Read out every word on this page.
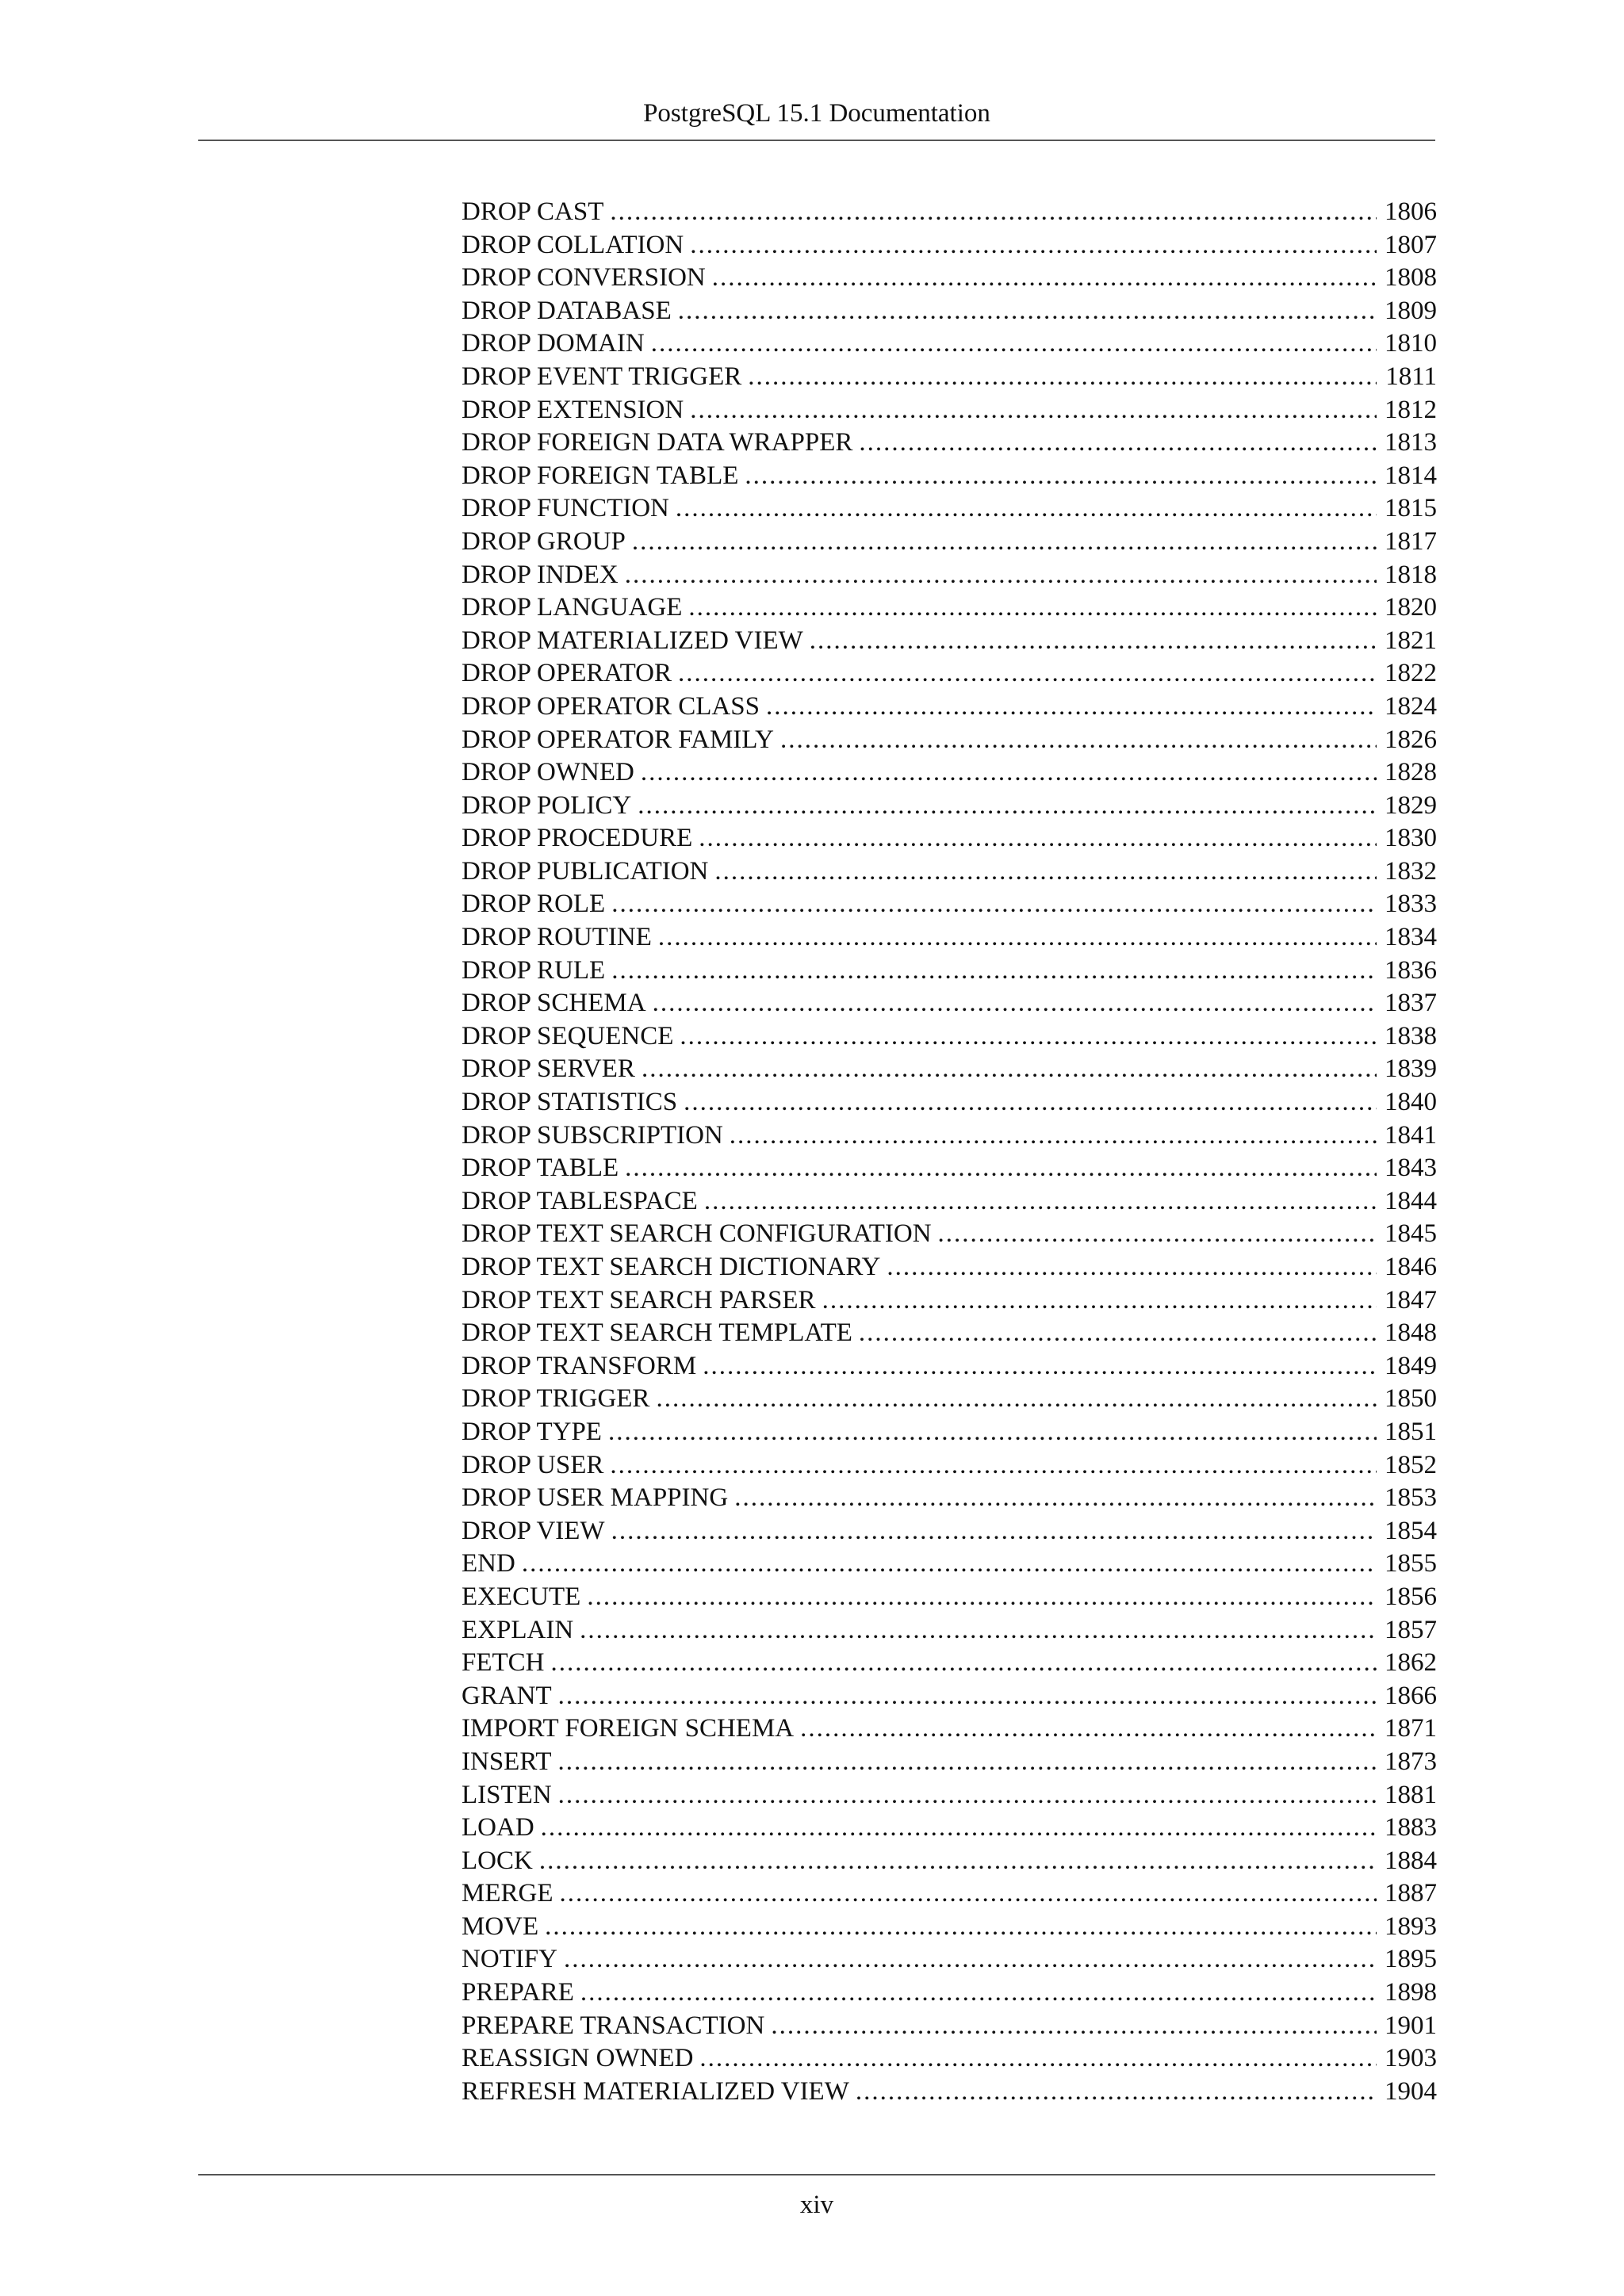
PostgreSQL 15.1 Documentation
DROP CAST .....	1806
DROP COLLATION .....	1807
DROP CONVERSION .....	1808
DROP DATABASE .....	1809
DROP DOMAIN .....	1810
DROP EVENT TRIGGER .....	1811
DROP EXTENSION .....	1812
DROP FOREIGN DATA WRAPPER .....	1813
DROP FOREIGN TABLE .....	1814
DROP FUNCTION .....	1815
DROP GROUP .....	1817
DROP INDEX .....	1818
DROP LANGUAGE .....	1820
DROP MATERIALIZED VIEW .....	1821
DROP OPERATOR .....	1822
DROP OPERATOR CLASS .....	1824
DROP OPERATOR FAMILY .....	1826
DROP OWNED .....	1828
DROP POLICY .....	1829
DROP PROCEDURE .....	1830
DROP PUBLICATION .....	1832
DROP ROLE .....	1833
DROP ROUTINE .....	1834
DROP RULE .....	1836
DROP SCHEMA .....	1837
DROP SEQUENCE .....	1838
DROP SERVER .....	1839
DROP STATISTICS .....	1840
DROP SUBSCRIPTION .....	1841
DROP TABLE .....	1843
DROP TABLESPACE .....	1844
DROP TEXT SEARCH CONFIGURATION .....	1845
DROP TEXT SEARCH DICTIONARY .....	1846
DROP TEXT SEARCH PARSER .....	1847
DROP TEXT SEARCH TEMPLATE .....	1848
DROP TRANSFORM .....	1849
DROP TRIGGER .....	1850
DROP TYPE .....	1851
DROP USER .....	1852
DROP USER MAPPING .....	1853
DROP VIEW .....	1854
END .....	1855
EXECUTE .....	1856
EXPLAIN .....	1857
FETCH .....	1862
GRANT .....	1866
IMPORT FOREIGN SCHEMA .....	1871
INSERT .....	1873
LISTEN .....	1881
LOAD .....	1883
LOCK .....	1884
MERGE .....	1887
MOVE .....	1893
NOTIFY .....	1895
PREPARE .....	1898
PREPARE TRANSACTION .....	1901
REASSIGN OWNED .....	1903
REFRESH MATERIALIZED VIEW .....	1904
xiv
